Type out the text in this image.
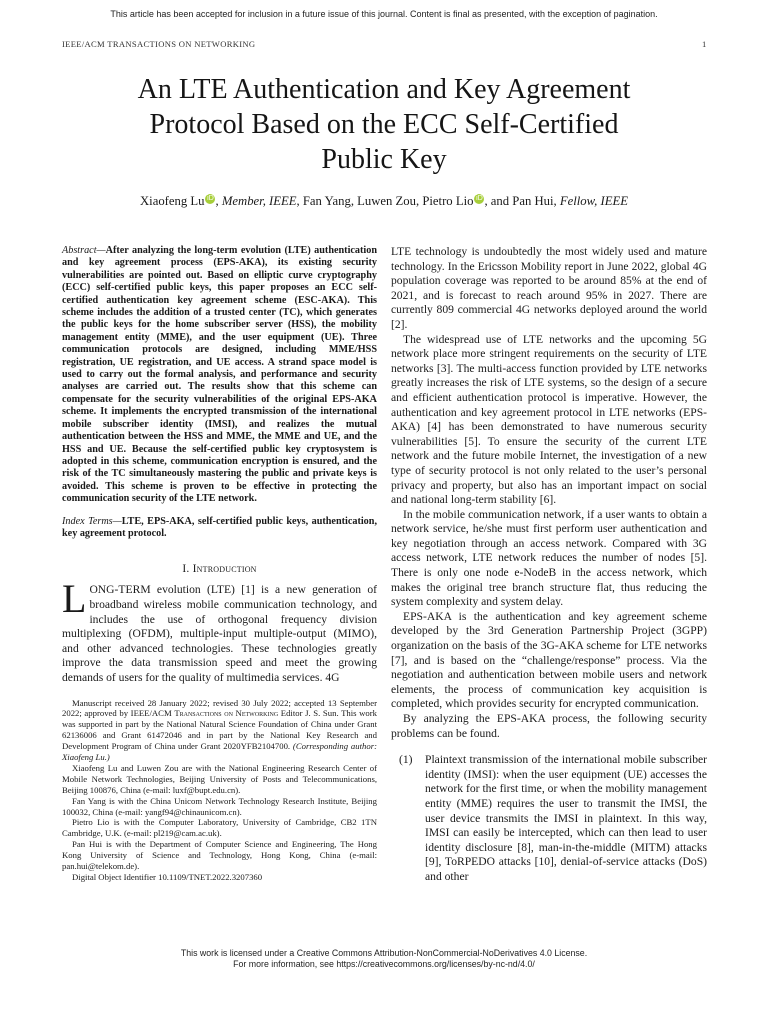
This article has been accepted for inclusion in a future issue of this journal. Content is final as presented, with the exception of pagination.

IEEE/ACM TRANSACTIONS ON NETWORKING	1

An LTE Authentication and Key Agreement
Protocol Based on the ECC Self-Certified
Public Key

Xiaofeng Lu iD , Member, IEEE, Fan Yang, Luwen Zou, Pietro Lio iD , and Pan Hui, Fellow, IEEE

Abstract—After analyzing the long-term evolution (LTE) authentication and key agreement process (EPS-AKA), its existing security vulnerabilities are pointed out. Based on elliptic curve cryptography (ECC) self-certified public keys, this paper proposes an ECC self-certified authentication key agreement scheme (ESC-AKA). This scheme includes the addition of a trusted center (TC), which generates the public keys for the home subscriber server (HSS), the mobility management entity (MME), and the user equipment (UE). Three communication protocols are designed, including MME/HSS registration, UE registration, and UE access. A strand space model is used to carry out the formal analysis, and performance and security analyses are carried out. The results show that this scheme can compensate for the security vulnerabilities of the original EPS-AKA scheme. It implements the encrypted transmission of the international mobile subscriber identity (IMSI), and realizes the mutual authentication between the HSS and MME, the MME and UE, and the HSS and UE. Because the self-certified public key cryptosystem is adopted in this scheme, communication encryption is ensured, and the risk of the TC simultaneously mastering the public and private keys is avoided. This scheme is proven to be effective in protecting the communication security of the LTE network.

Index Terms—LTE, EPS-AKA, self-certified public keys, authentication, key agreement protocol.

I. Introduction

LONG-TERM evolution (LTE) [1] is a new generation of broadband wireless mobile communication technology, and includes the use of orthogonal frequency division multiplexing (OFDM), multiple-input multiple-output (MIMO), and other advanced technologies. These technologies greatly improve the data transmission speed and meet the growing demands of users for the quality of multimedia services. 4G

Manuscript received 28 January 2022; revised 30 July 2022; accepted 13 September 2022; approved by IEEE/ACM Transactions on Networking Editor J. S. Sun. This work was supported in part by the National Natural Science Foundation of China under Grant 62136006 and Grant 61472046 and in part by the National Key Research and Development Program of China under Grant 2020YFB2104700. (Corresponding author: Xiaofeng Lu.)

Xiaofeng Lu and Luwen Zou are with the National Engineering Research Center of Mobile Network Technologies, Beijing University of Posts and Telecommunications, Beijing 100876, China (e-mail: luxf@bupt.edu.cn).

Fan Yang is with the China Unicom Network Technology Research Institute, Beijing 100032, China (e-mail: yangf94@chinaunicom.cn).

Pietro Lio is with the Computer Laboratory, University of Cambridge, CB2 1TN Cambridge, U.K. (e-mail: pl219@cam.ac.uk).

Pan Hui is with the Department of Computer Science and Engineering, The Hong Kong University of Science and Technology, Hong Kong, China (e-mail: pan.hui@telekom.de).

Digital Object Identifier 10.1109/TNET.2022.3207360

LTE technology is undoubtedly the most widely used and mature technology. In the Ericsson Mobility report in June 2022, global 4G population coverage was reported to be around 85% at the end of 2021, and is forecast to reach around 95% in 2027. There are currently 809 commercial 4G networks deployed around the world [2].

The widespread use of LTE networks and the upcoming 5G network place more stringent requirements on the security of LTE networks [3]. The multi-access function provided by LTE networks greatly increases the risk of LTE systems, so the design of a secure and efficient authentication protocol is imperative. However, the authentication and key agreement protocol in LTE networks (EPS-AKA) [4] has been demonstrated to have numerous security vulnerabilities [5]. To ensure the security of the current LTE network and the future mobile Internet, the investigation of a new type of security protocol is not only related to the user’s personal privacy and property, but also has an important impact on social and national long-term stability [6].

In the mobile communication network, if a user wants to obtain a network service, he/she must first perform user authentication and key negotiation through an access network. Compared with 3G access network, LTE network reduces the number of nodes [5]. There is only one node e-NodeB in the access network, which makes the original tree branch structure flat, thus reducing the system complexity and system delay.

EPS-AKA is the authentication and key agreement scheme developed by the 3rd Generation Partnership Project (3GPP) organization on the basis of the 3G-AKA scheme for LTE networks [7], and is based on the “challenge/response” process. Via the negotiation and authentication between mobile users and network elements, the process of communication key acquisition is completed, which provides security for encrypted communication.

By analyzing the EPS-AKA process, the following security problems can be found.

(1)	Plaintext transmission of the international mobile subscriber identity (IMSI): when the user equipment (UE) accesses the network for the first time, or when the mobility management entity (MME) requires the user to transmit the IMSI, the user device transmits the IMSI in plaintext. In this way, IMSI can easily be intercepted, which can then lead to user identity disclosure [8], man-in-the-middle (MITM) attacks [9], ToRPEDO attacks [10], denial-of-service attacks (DoS) and other

This work is licensed under a Creative Commons Attribution-NonCommercial-NoDerivatives 4.0 License.
For more information, see https://creativecommons.org/licenses/by-nc-nd/4.0/
